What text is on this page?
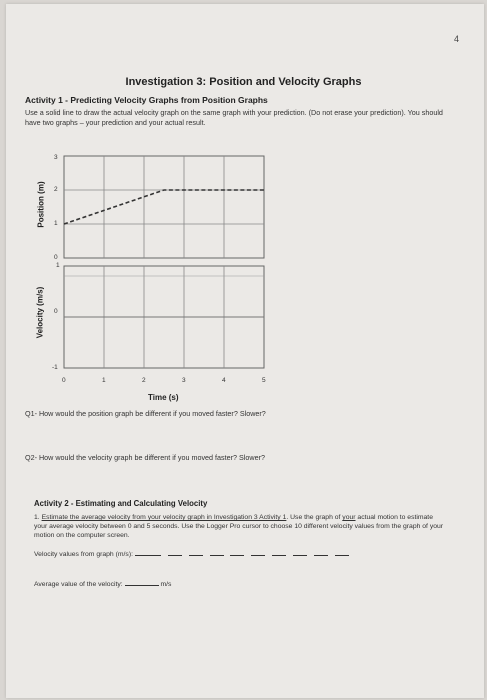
4
Investigation 3: Position and Velocity Graphs
Activity 1 - Predicting Velocity Graphs from Position Graphs
Use a solid line to draw the actual velocity graph on the same graph with your prediction. (Do not erase your prediction). You should have two graphs – your prediction and your actual result.
Position (m)
Velocity (m/s)
3
2
1
0
1
0
-1
0	1	2	3	4	5
Time (s)
Q1- How would the position graph be different if you moved faster? Slower?
Q2- How would the velocity graph be different if you moved faster? Slower?
Activity 2 - Estimating and Calculating Velocity
1. Estimate the average velocity from your velocity graph in Investigation 3 Activity 1. Use the graph of your actual motion to estimate your average velocity between 0 and 5 seconds. Use the Logger Pro cursor to choose 10 different velocity values from the graph of your motion on the computer screen.
Velocity values from graph (m/s):
Average value of the velocity:	m/s
